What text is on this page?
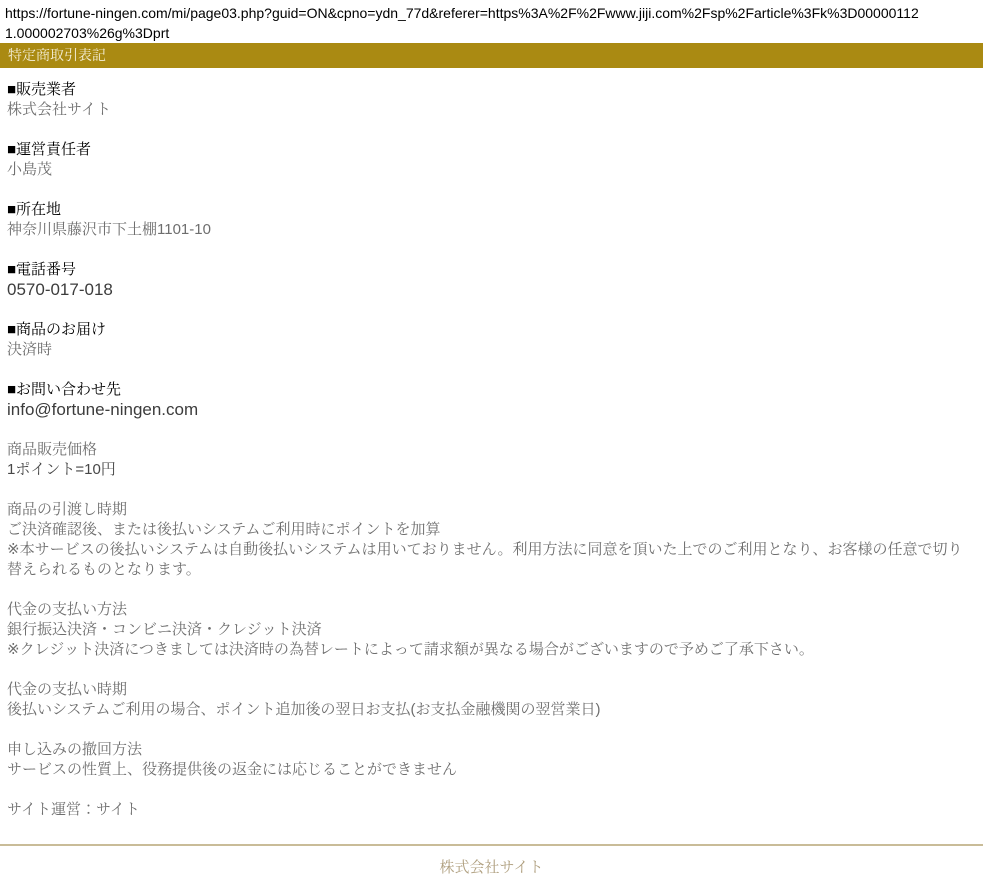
https://fortune-ningen.com/mi/page03.php?guid=ON&cpno=ydn_77d&referer=https%3A%2F%2Fwww.jiji.com%2Fsp%2Farticle%3Fk%3D00000112
1.000002703%26g%3Dprt
特定商取引表記
■販売業者
株式会社サイト
■運営責任者
小島茂
■所在地
神奈川県藤沢市下土棚1101-10
■電話番号
0570-017-018
■商品のお届け
決済時
■お問い合わせ先
info@fortune-ningen.com
商品販売価格
1ポイント=10円
商品の引渡し時期
ご決済確認後、または後払いシステムご利用時にポイントを加算
※本サービスの後払いシステムは自動後払いシステムは用いておりません。利用方法に同意を頂いた上でのご利用となり、お客様の任意で切り替えられるものとなります。
代金の支払い方法
銀行振込決済・コンビニ決済・クレジット決済
※クレジット決済につきましては決済時の為替レートによって請求額が異なる場合がございますので予めご了承下さい。
代金の支払い時期
後払いシステムご利用の場合、ポイント追加後の翌日お支払(お支払金融機関の翌営業日)
申し込みの撤回方法
サービスの性質上、役務提供後の返金には応じることができません
サイト運営：サイト
株式会社サイト
